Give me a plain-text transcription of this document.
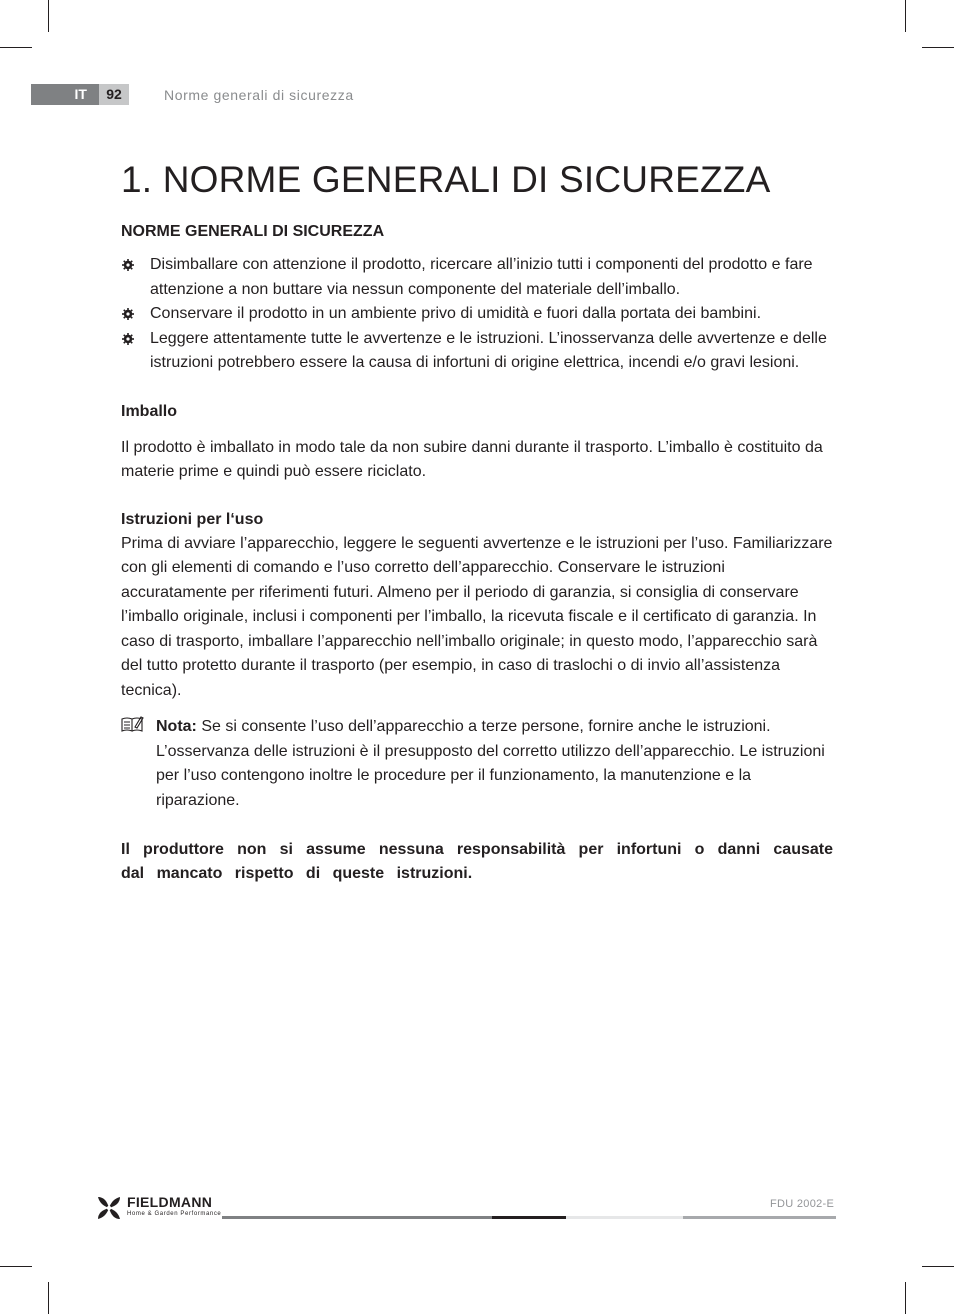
IT	92	Norme generali di sicurezza
1. NORME GENERALI DI SICUREZZA
NORME GENERALI DI SICUREZZA
Disimballare con attenzione il prodotto, ricercare all’inizio tutti i componenti del prodotto e fare attenzione a non buttare via nessun componente del materiale dell’imballo.
Conservare il prodotto in un ambiente privo di umidità e fuori dalla portata dei bambini.
Leggere attentamente tutte le avvertenze e le istruzioni. L’inosservanza delle avvertenze e delle istruzioni potrebbero essere la causa di infortuni di origine elettrica, incendi e/o gravi lesioni.
Imballo

Il prodotto è imballato in modo tale da non subire danni durante il trasporto. L’imballo è costituito da materie prime e quindi può essere riciclato.

Istruzioni per l‘uso

Prima di avviare l’apparecchio, leggere le seguenti avvertenze e le istruzioni per l’uso. Familiarizzare con gli elementi di comando e l’uso corretto dell’apparecchio. Conservare le istruzioni accuratamente per riferimenti futuri. Almeno per il periodo di garanzia, si consiglia di conservare l’imballo originale, inclusi i componenti per l’imballo, la ricevuta fiscale e il certificato di garanzia. In caso di trasporto, imballare l’apparecchio nell’imballo originale; in questo modo, l’apparecchio sarà del tutto protetto durante il trasporto (per esempio, in caso di traslochi o di invio all’assistenza tecnica).

Nota: Se si consente l’uso dell’apparecchio a terze persone, fornire anche le istruzioni. L’osservanza delle istruzioni è il presupposto del corretto utilizzo dell’apparecchio. Le istruzioni per l’uso contengono inoltre le procedure per il funzionamento, la manutenzione e la riparazione.

Il produttore non si assume nessuna responsabilità per infortuni o danni causate dal mancato rispetto di queste istruzioni.

FIELDMANN
Home & Garden Performance
FDU 2002-E
